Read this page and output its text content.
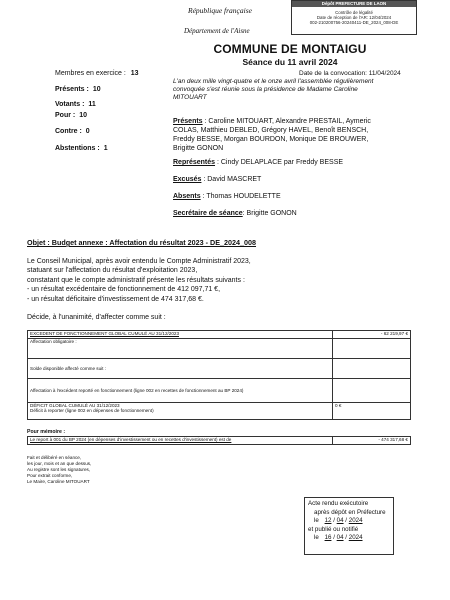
République française
Département de l'Aisne
Dépôt PREFECTURE DE LAON
Contrôle de légalité
Date de réception de l'AR: 12/04/2024
002-210200756-20240411-DE_2024_008-DE
COMMUNE DE MONTAIGU
Séance du 11 avril 2024
Membres en exercice : 13
Présents : 10
Votants : 11
Pour : 10
Contre : 0
Abstentions : 1
Date de la convocation: 11/04/2024
L'an deux mille vingt-quatre et le onze avril l'assemblée régulièrement
convoquée s'est réunie sous la présidence de Madame Caroline
MITOUART
Présents : Caroline MITOUART, Alexandre PRESTAIL, Aymeric
COLAS, Matthieu DEBLED, Grégory HAVEL, Benoît BENSCH,
Freddy BESSE, Morgan BOURDON, Monique DE BROUWER,
Brigitte GONON
Représentés : Cindy DELAPLACE par Freddy BESSE
Excusés : David MASCRET
Absents : Thomas HOUDELETTE
Secrétaire de séance: Brigitte GONON
Objet : Budget annexe : Affectation du résultat 2023 - DE_2024_008
Le Conseil Municipal, après avoir entendu le Compte Administratif 2023,
statuant sur l'affectation du résultat d'exploitation 2023,
constatant que le compte administratif présente les résultats suivants :
- un résultat excédentaire de fonctionnement de 412 097,71 €,
- un résultat déficitaire d'investissement de 474 317,68 €.
Décide, à l'unanimité, d'affecter comme suit :
EXCEDENT DE FONCTIONNEMENT GLOBAL CUMULÉ AU 31/12/2023	- 62 219,97 €
Affectation obligatoire :	
Solde disponible affecté comme suit :	
Affectation à l'excédent reporté en fonctionnement (ligne 002 en recettes de fonctionnement au BP 2024)	

DÉFICIT GLOBAL CUMULÉ AU 31/12/2023
Déficit à reporter (ligne 002 en dépenses de fonctionnement)	0 €
Pour mémoire :
Le report à 001 du BP 2024 (en dépenses d'investissement ou en recettes d'investissement) est de	- 474 317,68 €
Fait et délibéré en séance,
les jour, mois et an que dessus,
Au registre sont les signatures,
Pour extrait conforme,
Le Maire, Caroline MITOUART
Acte rendu exécutoire
après dépôt en Préfecture
le 12 / 04 / 2024
et publié ou notifié
le 16 / 04 / 2024
